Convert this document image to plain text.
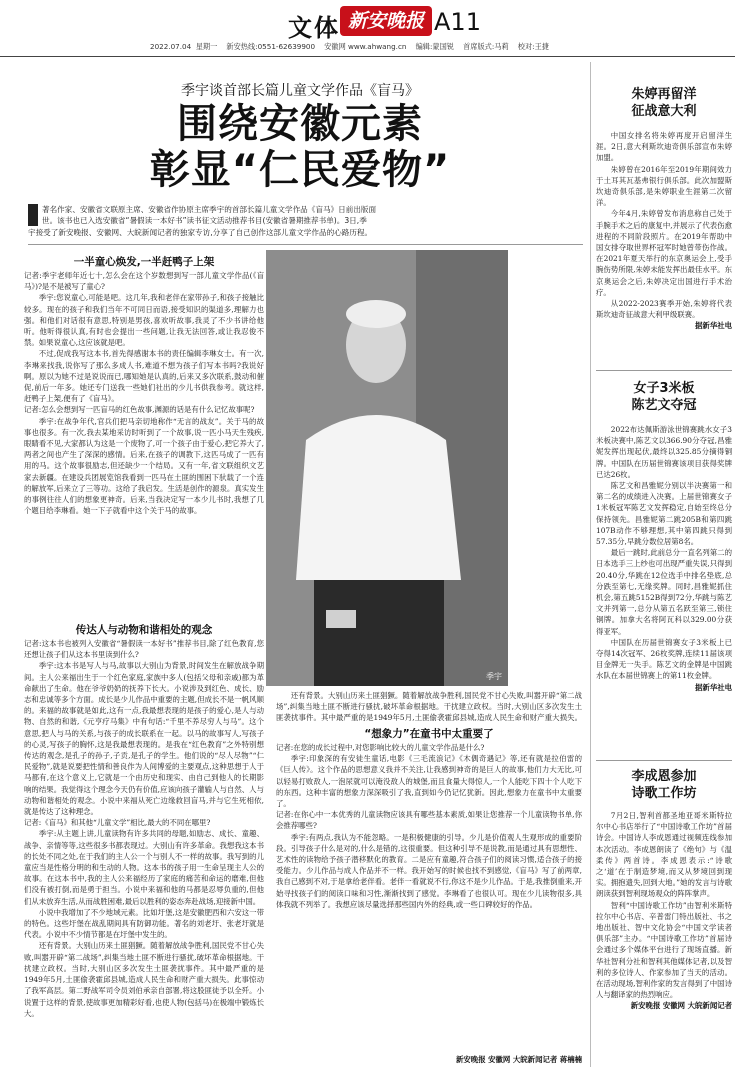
文体 新安晚报 A11
2022.07.04  星期一    新安热线:0551-62639900    安徽网 www.ahwang.cn    编辑:蒙国锐    首席版式:马莉    校对:王捷
季宇谈首部长篇儿童文学作品《盲马》
围绕安徽元素
彰显“仁民爱物”
著名作家、安徽省文联原主席、安徽省作协原主席季宇的首部长篇儿童文学作品《盲马》日前出版面
世。该书也已入选安徽省“暑假读一本好书”读书征文活动推荐书目(安徽省暑期推荐书单)。3日,季
宇接受了新安晚报、安徽网、大皖新闻记者的独家专访,分享了自己创作这部儿童文学作品的心路历程。
一半童心焕发,一半赶鸭子上架

记者:季宇老师年近七十,怎么会在这个岁数想到写一部儿童文学作品(《盲马》)?是不是被写了童心?

季宇:您说童心,可能是吧。这几年,我和老伴在家带孙子,和孩子接触比较多。现在的孩子和我们当年不可同日而语,接受知识的渠道多,理解力也强。和他们对话很有意思,特别是男孩,喜欢听故事,我灵了不少书讲给他听。他听得很认真,有时也会提出一些问题,让我无法回答,或让我忍俊不禁。如果说童心,这应该就是吧。

不过,促成我写这本书,首先得感谢本书的责任编辑李琳女士。有一次,李琳来找我,说你写了那么多成人书,难道不想为孩子们写本书吗?我说好啊。原以为她不过是说说而已,哪知她是认真的,后来又多次联系,鼓动和催促,前后一年多。她还专门送我一些她们社出的少儿书供我参考。就这样,赶鸭子上架,便有了《盲马》。

记者:怎么会想到写一匹盲马的红色故事,渊源的话是有什么记忆故事呢?

季宇:在战争年代,官兵们把马亲切地称作“无言的战友”。关于马的故事也很多。有一次,我去某地采访时听到了一个故事,说一匹小马天生残疾,眼睛看不见,大家都认为这是一个废物了,可一个孩子由于爱心,把它养大了,两者之间也产生了深深的感情。后来,在孩子的调教下,这匹马成了一匹有用的马。这个故事很励志,但还缺少一个结局。又有一年,省文联组织文艺家去新疆。在建设兵团展览馆我看到一匹马在土匪的围困下驮载了一个连的解放军,后来立了三等功。这给了我启发。生活是创作的源泉。真实发生的事例往往人们的想象更神奇。后来,当我决定写一本少儿书时,我想了几个题目给李琳看。她一下子就看中这个关于马的故事。

传达人与动物和谐相处的观念

记者:这本书也被列入安徽省“暑假读一本好书”推荐书目,除了红色教育,您还想让孩子们从这本书里读到什么?

季宇:这本书是写人与马,故事以大别山为背景,时间发生在解放战争期间。主人公来福出生于一个红色家庭,家族中多人(包括父母和亲戚)都为革命献出了生命。他在爷爷奶奶的抚养下长大。小说涉及到红色、成长、励志和忠诚等多个方面。成长是少儿作品中重要的主题,但成长不是一帆风顺的。来福的故事就是如此,这有一点,我最想表现的是孩子的爱心,是人与动物、自然的和谐,《元亨疗马集》中有句话:“千里不养尽穷人与马”。这个意思,把人与马的关系,与孩子的成长联系在一起。以马的故事写人,写孩子的心灵,写孩子的胸怀,这是我最想表现的。是我在“红色教育”之外特别想传达的观念,是孔子的孙子,子贡,是孔子的学生。他们说的“尽人尽物”“仁民爱物”,就是说要把性情和善良作为人间博爱的主要观点,这种思想于人于马都有,在这个意义上,它就是一个由历史和现实、由自己到他人的长期影响的结果。我觉得这个理念今天仍有价值,应该向孩子灌输人与自然、人与动物和谐相处的观念。小说中来福从死亡边缘救回盲马,并与它生死相依,就是传达了这种理念。

记者:《盲马》和其他“儿童文学”相比,最大的不同在哪里?

季宇:从主题上讲,儿童读物有许多共同的母题,如励志、成长、童趣、战争、亲情等等,这些很多书都表现过。大别山有许多革命。我想我这本书的长处不同之处,在于我们的主人公一个与别人不一样的故事。我写到的儿童应当是性格分明的和生动的人物。这本书的孩子用一生命呈现主人公的故事。在这本书中,我的主人公来福经历了家庭的痛苦和命运的磨难,但他们没有被打倒,而是勇于担当。小说中来福和他的马都是忍辱负重的,但他们从未放弃生活,从而战胜困难,最后以胜利的姿态奔赴战场,迎接新中国。

小说中我增加了不少地域元素。比如圩堡,这是安徽肥西和六安这一带的特色。这些圩堡在战乱期间具有防御功能。著名的刘老圩、张老圩就是代表。小说中不少情节都是在圩堡中发生的。

还有背景。大别山历来土匪猖獗。随着解放战争胜利,国民党不甘心失败,叫嚣开辟“第二战场”,纠集当地土匪不断进行骚扰,破坏革命根据地。干扰建立政权。当时,大别山区多次发生土匪袭扰事件。其中最严重的是1949年5月,土匪偷袭霍邱县城,造成人民生命和财产重大损失。此事惊动了我军高层。第二野战军司令员刘伯承亲自部署,将这股匪徒予以全歼。小说置于这样的背景,使故事更加精彩好看,也使人物(包括马)在极端中锻炼长大。

季宇

还有背景。大别山历来土匪猖獗。随着解放战争胜利,国民党不甘心失败,叫嚣开辟“第二战场”,纠集当地土匪不断进行骚扰,破坏革命根据地。干扰建立政权。当时,大别山区多次发生土匪袭扰事件。其中最严重的是1949年5月,土匪偷袭霍邱县城,造成人民生命和财产重大损失。

“想象力”在童书中太重要了

记者:在您的成长过程中,对您影响比较大的儿童文学作品是什么?

季宇:印象深的有安徒生童话,电影《三毛流浪记》《木偶奇遇记》等,还有就是拉伯雷的《巨人传》。这个作品的思想意义我并不关注,让我感到神奇的是巨人的故事,他们力大无比,可以轻易打败敌人,一泡尿就可以淹没敌人的城堡,而且食量大得惊人,一个人能吃下四十个人吃下的东西。这种丰富的想象力深深吸引了我,直到如今仍记忆犹新。因此,想象力在童书中太重要了。

记者:在你心中一本优秀的儿童读物应该具有哪些基本素质,如果让您推荐一个儿童读物书单,你会推荐哪些?

季宇:有两点,我认为不能忽略。一是积极健康的引导。少儿是价值观人生观形成的重要阶段。引导孩子什么是对的,什么是错的,这很重要。但这种引导不是说教,而是通过具有思想性、艺术性的读物给予孩子潜移默化的教育。二是应有童趣,符合孩子们的阅读习惯,适合孩子的接受能力。少儿作品与成人作品并不一样。我开始写的时候也找不到感觉,《盲马》写了前两章,我自己感到不对,于是拿给老伴看。老伴一看就说不行,你这不是少儿作品。于是,我推倒重来,开始寻找孩子们的阅读口味和习性,渐渐找到了感觉。李琳看了也很认可。现在少儿读物很多,具体我就不列举了。我想应该尽量选择那些国内外的经典,或一些口碑较好的作品。

新安晚报 安徽网 大皖新闻记者 蒋楠楠
朱婷再留洋
征战意大利

中国女排名将朱婷再度开启留洋生涯。2日,意大利斯坎迪奇俱乐部宣布朱婷加盟。

朱婷曾在2016年至2019年期间效力于土耳其瓦基弗银行俱乐部。此次加盟斯坎迪奇俱乐部,是朱婷职业生涯第二次留洋。

今年4月,朱婷曾发布消息称自己处于手腕手术之后的康复中,并展示了代表伤愈进程的不同阶段照片。在2019年帮助中国女排夺取世界杯冠军时她曾带伤作战。在2021年夏天举行的东京奥运会上,受手腕伤势所限,朱婷未能发挥出最佳水平。东京奥运会之后,朱婷决定出国进行手术治疗。

从2022-2023赛季开始,朱婷将代表斯坎迪奇征战意大利甲级联赛。

据新华社电
女子3米板
陈艺文夺冠

2022布达佩斯游泳世锦赛跳水女子3米板决赛中,陈艺文以366.90分夺冠,昌雅妮发挥出现起伏,最终以325.85分摘得铜牌。中国队在历届世锦赛该项目获得奖牌已达26枚。

陈艺文和昌雅妮分别以半决赛第一和第二名的成绩进入决赛。上届世锦赛女子1米板冠军陈艺文发挥稳定,自始至终总分保持领先。昌雅妮第二跳205B和第四跳107B动作不够理想,其中第四跳只得到57.35分,早跳分数位居第8名。

最后一跳时,此前总分一直名列第二的日本选手三上纱也可出现严重失误,只得到20.40分,华跳在12位选手中排名垫底,总分跌至第七,无缘奖牌。同时,昌雅妮抓住机会,第五跳5152B得到72分,华跳与陈艺文并列第一,总分从第五名跃至第三,锁住铜牌。加拿大名将阿瓦科以329.00分获得亚军。

中国队在历届世锦赛女子3米板上已夺得14次冠军、26枚奖牌,连续11届该项目金牌无一失手。陈艺文的金牌是中国跳水队在本届世锦赛上的第11枚金牌。

据新华社电
李成恩参加
诗歌工作坊

7月2日,智利首都圣地亚哥米斯特拉尔中心书店举行了“中国诗歌工作坊”首届诗会。中国诗人李成恩通过视频连线参加本次活动。李成恩朗读了《绝句》与《温柔传》两首诗。李成恩表示:“诗歌之‘道’在于制造梦境,而又从梦境回到现实。拥抱遗失,回到大地。”她的发言与诗歌朗读获到智利现场观众的阵阵掌声。

智利“中国诗歌工作坊”由智利米斯特拉尔中心书店、辛普雷门特出版社、书之地出版社、智中文化协会“中国文学读者俱乐部”主办。“中国诗歌工作坊”首届诗会通过多个媒体平台进行了现场直播。新华社智利分社和智利其他媒体记者,以及智利的多位诗人、作家参加了当天的活动。在活动现场,智利作家的发言得到了中国诗人与翻译家的热烈响应。

新安晚报 安徽网 大皖新闻记者
